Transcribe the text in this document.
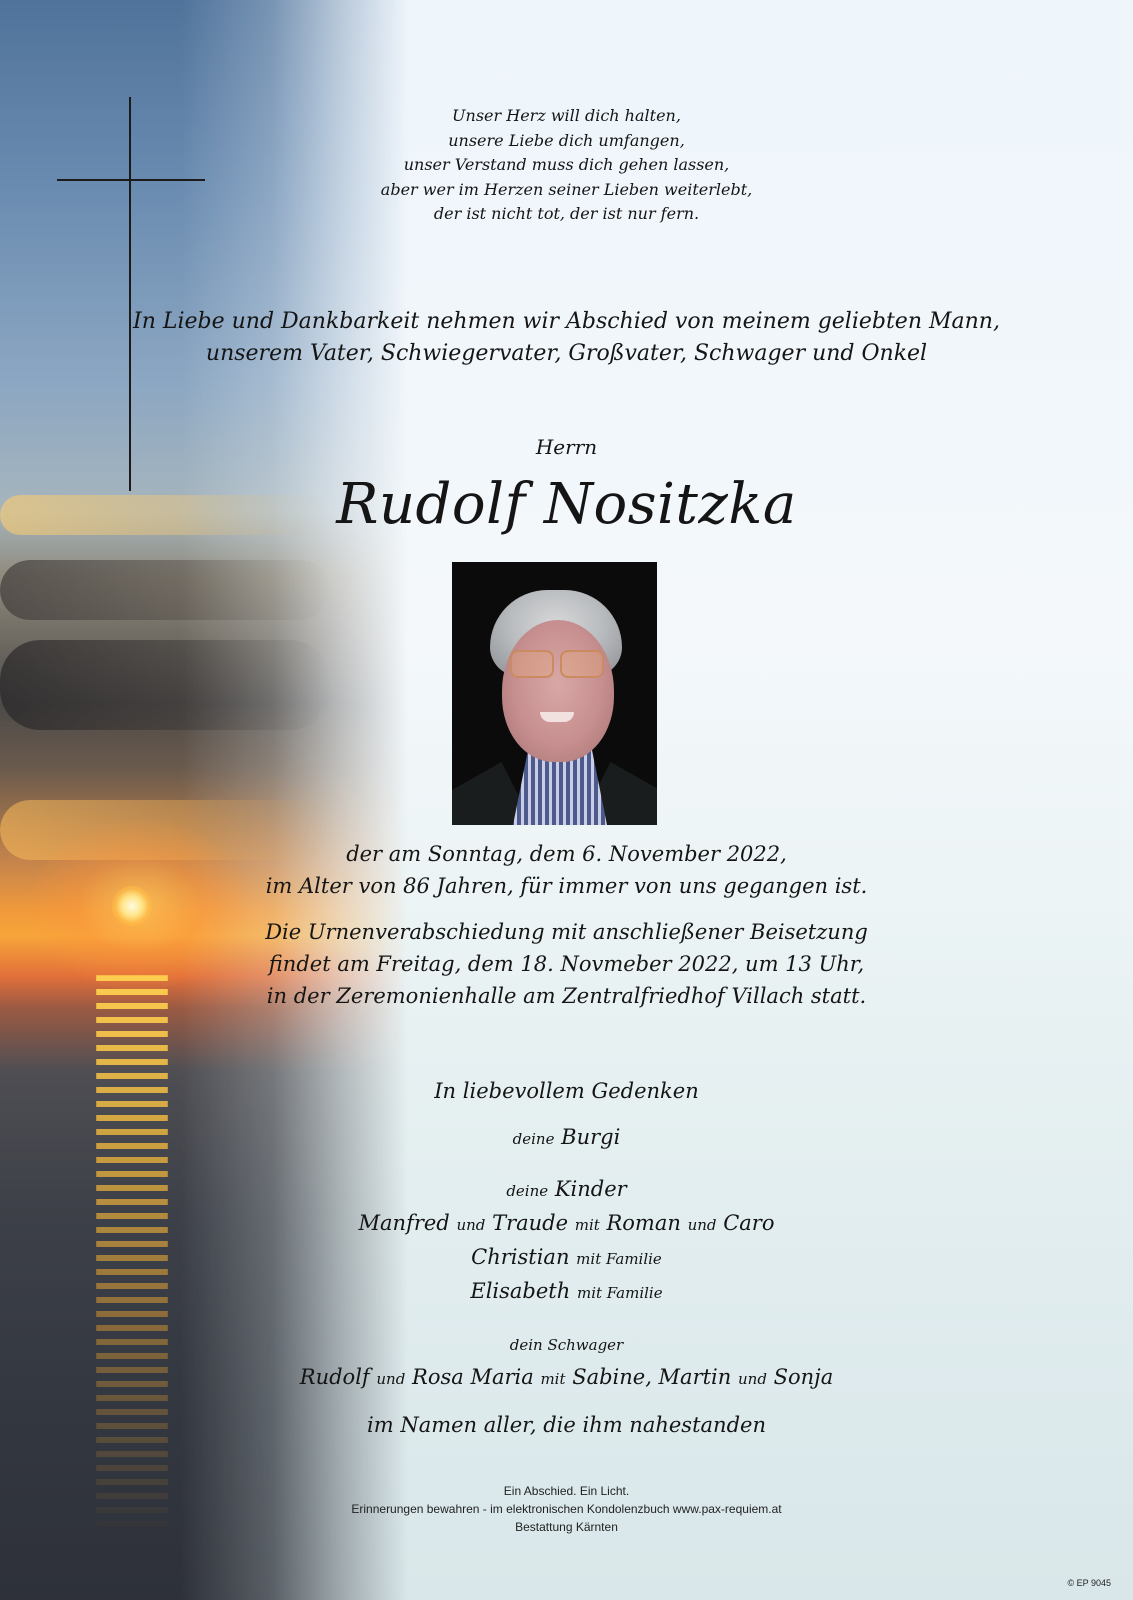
Unser Herz will dich halten,
unsere Liebe dich umfangen,
unser Verstand muss dich gehen lassen,
aber wer im Herzen seiner Lieben weiterlebt,
der ist nicht tot, der ist nur fern.
In Liebe und Dankbarkeit nehmen wir Abschied von meinem geliebten Mann,
unserem Vater, Schwiegervater, Großvater, Schwager und Onkel
Herrn
Rudolf Nositzka
der am Sonntag, dem 6. November 2022,
im Alter von 86 Jahren, für immer von uns gegangen ist.
Die Urnenverabschiedung mit anschließener Beisetzung
findet am Freitag, dem 18. Novmeber 2022, um 13 Uhr,
in der Zeremonienhalle am Zentralfriedhof Villach statt.
In liebevollem Gedenken
deine Burgi
deine Kinder
Manfred und Traude mit Roman und Caro
Christian mit Familie
Elisabeth mit Familie
dein Schwager
Rudolf und Rosa Maria mit Sabine, Martin und Sonja
im Namen aller, die ihm nahestanden
Ein Abschied. Ein Licht.
Erinnerungen bewahren - im elektronischen Kondolenzbuch www.pax-requiem.at
Bestattung Kärnten
© EP 9045
